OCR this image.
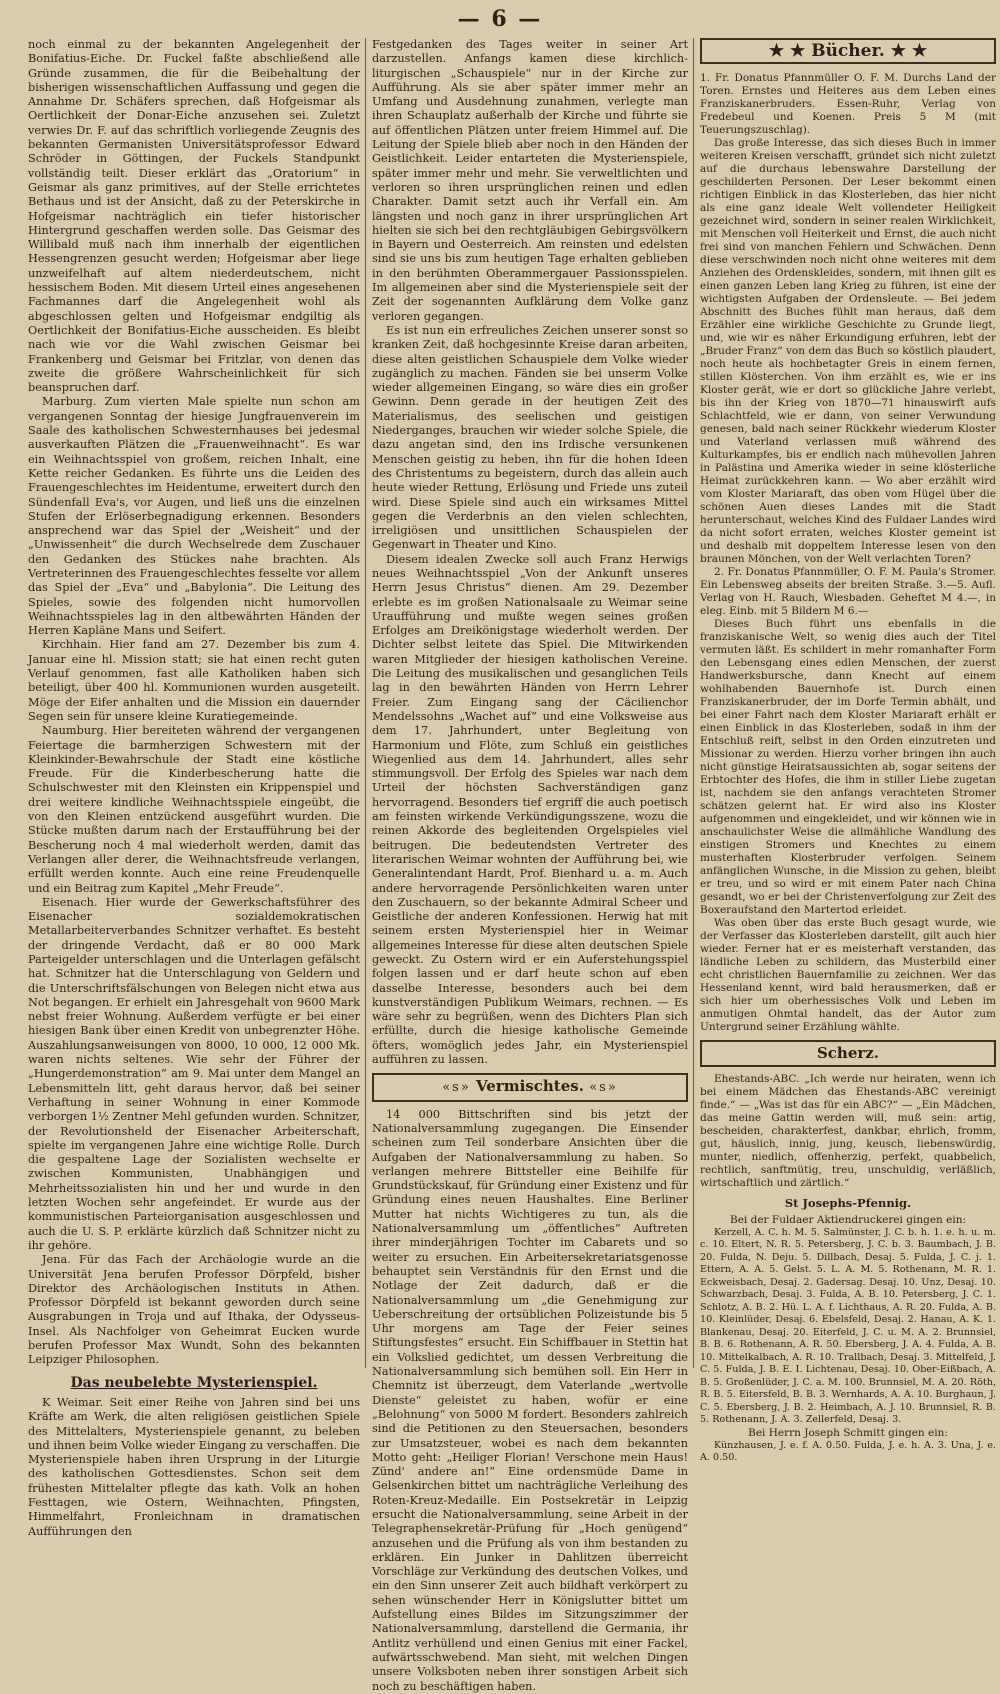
— 6 —

noch einmal zu der bekannten Angelegenheit der Bonifatius-Eiche. Dr. Fuckel faßte abschließend alle Gründe zusammen, die für die Beibehaltung der bisherigen wissenschaftlichen Auffassung und gegen die Annahme Dr. Schäfers sprechen, daß Hofgeismar als Oertlichkeit der Donar-Eiche anzusehen sei. Zuletzt verwies Dr. F. auf das schriftlich vorliegende Zeugnis des bekannten Germanisten Universitätsprofessor Edward Schröder in Göttingen, der Fuckels Standpunkt vollständig teilt. Dieser erklärt das „Oratorium“ in Geismar als ganz primitives, auf der Stelle errichtetes Bethaus und ist der Ansicht, daß zu der Peterskirche in Hofgeismar nachträglich ein tiefer historischer Hintergrund geschaffen werden solle. Das Geismar des Willibald muß nach ihm innerhalb der eigentlichen Hessengrenzen gesucht werden; Hofgeismar aber liege unzweifelhaft auf altem niederdeutschem, nicht hessischem Boden. Mit diesem Urteil eines angesehenen Fachmannes darf die Angelegenheit wohl als abgeschlossen gelten und Hofgeismar endgiltig als Oertlichkeit der Bonifatius-Eiche ausscheiden. Es bleibt nach wie vor die Wahl zwischen Geismar bei Frankenberg und Geismar bei Fritzlar, von denen das zweite die größere Wahrscheinlichkeit für sich beanspruchen darf.

Marburg. Zum vierten Male spielte nun schon am vergangenen Sonntag der hiesige Jungfrauenverein im Saale des katholischen Schwesternhauses bei jedesmal ausverkauften Plätzen die „Frauenweihnacht“. Es war ein Weihnachtsspiel von großem, reichen Inhalt, eine Kette reicher Gedanken. Es führte uns die Leiden des Frauengeschlechtes im Heidentume, erweitert durch den Sündenfall Eva's, vor Augen, und ließ uns die einzelnen Stufen der Erlöserbegnadigung erkennen. Besonders ansprechend war das Spiel der „Weisheit“ und der „Unwissenheit“ die durch Wechselrede dem Zuschauer den Gedanken des Stückes nahe brachten. Als Vertreterinnen des Frauengeschlechtes fesselte vor allem das Spiel der „Eva“ und „Babylonia“. Die Leitung des Spieles, sowie des folgenden nicht humorvollen Weihnachtsspieles lag in den altbewährten Händen der Herren Kapläne Mans und Seifert.

Kirchhain. Hier fand am 27. Dezember bis zum 4. Januar eine hl. Mission statt; sie hat einen recht guten Verlauf genommen, fast alle Katholiken haben sich beteiligt, über 400 hl. Kommunionen wurden ausgeteilt. Möge der Eifer anhalten und die Mission ein dauernder Segen sein für unsere kleine Kuratiegemeinde.

Naumburg. Hier bereiteten während der vergangenen Feiertage die barmherzigen Schwestern mit der Kleinkinder-Bewahrschule der Stadt eine köstliche Freude. Für die Kinderbescherung hatte die Schulschwester mit den Kleinsten ein Krippenspiel und drei weitere kindliche Weihnachtsspiele eingeübt, die von den Kleinen entzückend ausgeführt wurden. Die Stücke mußten darum nach der Erstaufführung bei der Bescherung noch 4 mal wiederholt werden, damit das Verlangen aller derer, die Weihnachtsfreude verlangen, erfüllt werden konnte. Auch eine reine Freudenquelle und ein Beitrag zum Kapitel „Mehr Freude“.

Eisenach. Hier wurde der Gewerkschaftsführer des Eisenacher sozialdemokratischen Metallarbeiterverbandes Schnitzer verhaftet. Es besteht der dringende Verdacht, daß er 80 000 Mark Parteigelder unterschlagen und die Unterlagen gefälscht hat. Schnitzer hat die Unterschlagung von Geldern und die Unterschriftsfälschungen von Belegen nicht etwa aus Not begangen. Er erhielt ein Jahresgehalt von 9600 Mark nebst freier Wohnung. Außerdem verfügte er bei einer hiesigen Bank über einen Kredit von unbegrenzter Höhe. Auszahlungsanweisungen von 8000, 10 000, 12 000 Mk. waren nichts seltenes. Wie sehr der Führer der „Hungerdemonstration“ am 9. Mai unter dem Mangel an Lebensmitteln litt, geht daraus hervor, daß bei seiner Verhaftung in seiner Wohnung in einer Kommode verborgen 1½ Zentner Mehl gefunden wurden. Schnitzer, der Revolutionsheld der Eisenacher Arbeiterschaft, spielte im vergangenen Jahre eine wichtige Rolle. Durch die gespaltene Lage der Sozialisten wechselte er zwischen Kommunisten, Unabhängigen und Mehrheitssozialisten hin und her und wurde in den letzten Wochen sehr angefeindet. Er wurde aus der kommunistischen Parteiorganisation ausgeschlossen und auch die U. S. P. erklärte kürzlich daß Schnitzer nicht zu ihr gehöre.

Jena. Für das Fach der Archäologie wurde an die Universität Jena berufen Professor Dörpfeld, bisher Direktor des Archäologischen Instituts in Athen. Professor Dörpfeld ist bekannt geworden durch seine Ausgrabungen in Troja und auf Ithaka, der Odysseus-Insel. Als Nachfolger von Geheimrat Eucken wurde berufen Professor Max Wundt, Sohn des bekannten Leipziger Philosophen.

Das neubelebte Mysterienspiel.

K Weimar. Seit einer Reihe von Jahren sind bei uns Kräfte am Werk, die alten religiösen geistlichen Spiele des Mittelalters, Mysterienspiele genannt, zu beleben und ihnen beim Volke wieder Eingang zu verschaffen. Die Mysterienspiele haben ihren Ursprung in der Liturgie des katholischen Gottesdienstes. Schon seit dem frühesten Mittelalter pflegte das kath. Volk an hohen Festtagen, wie Ostern, Weihnachten, Pfingsten, Himmelfahrt, Fronleichnam in dramatischen Aufführungen den

Festgedanken des Tages weiter in seiner Art darzustellen. Anfangs kamen diese kirchlich-liturgischen „Schauspiele“ nur in der Kirche zur Aufführung. Als sie aber später immer mehr an Umfang und Ausdehnung zunahmen, verlegte man ihren Schauplatz außerhalb der Kirche und führte sie auf öffentlichen Plätzen unter freiem Himmel auf. Die Leitung der Spiele blieb aber noch in den Händen der Geistlichkeit. Leider entarteten die Mysterienspiele, später immer mehr und mehr. Sie verweltlichten und verloren so ihren ursprünglichen reinen und edlen Charakter. Damit setzt auch ihr Verfall ein. Am längsten und noch ganz in ihrer ursprünglichen Art hielten sie sich bei den rechtgläubigen Gebirgsvölkern in Bayern und Oesterreich. Am reinsten und edelsten sind sie uns bis zum heutigen Tage erhalten geblieben in den berühmten Oberammergauer Passionsspielen. Im allgemeinen aber sind die Mysterienspiele seit der Zeit der sogenannten Aufklärung dem Volke ganz verloren gegangen.

Es ist nun ein erfreuliches Zeichen unserer sonst so kranken Zeit, daß hochgesinnte Kreise daran arbeiten, diese alten geistlichen Schauspiele dem Volke wieder zugänglich zu machen. Fänden sie bei unserm Volke wieder allgemeinen Eingang, so wäre dies ein großer Gewinn. Denn gerade in der heutigen Zeit des Materialismus, des seelischen und geistigen Niederganges, brauchen wir wieder solche Spiele, die dazu angetan sind, den ins Irdische versunkenen Menschen geistig zu heben, ihn für die hohen Ideen des Christentums zu begeistern, durch das allein auch heute wieder Rettung, Erlösung und Friede uns zuteil wird. Diese Spiele sind auch ein wirksames Mittel gegen die Verderbnis an den vielen schlechten, irreligiösen und unsittlichen Schauspielen der Gegenwart in Theater und Kino.

Diesem idealen Zwecke soll auch Franz Herwigs neues Weihnachtsspiel „Von der Ankunft unseres Herrn Jesus Christus“ dienen. Am 29. Dezember erlebte es im großen Nationalsaale zu Weimar seine Uraufführung und mußte wegen seines großen Erfolges am Dreikönigstage wiederholt werden. Der Dichter selbst leitete das Spiel. Die Mitwirkenden waren Mitglieder der hiesigen katholischen Vereine. Die Leitung des musikalischen und gesanglichen Teils lag in den bewährten Händen von Herrn Lehrer Freier. Zum Eingang sang der Cäcilienchor Mendelssohns „Wachet auf“ und eine Volksweise aus dem 17. Jahrhundert, unter Begleitung von Harmonium und Flöte, zum Schluß ein geistliches Wiegenlied aus dem 14. Jahrhundert, alles sehr stimmungsvoll. Der Erfolg des Spieles war nach dem Urteil der höchsten Sachverständigen ganz hervorragend. Besonders tief ergriff die auch poetisch am feinsten wirkende Verkündigungsszene, wozu die reinen Akkorde des begleitenden Orgelspieles viel beitrugen. Die bedeutendsten Vertreter des literarischen Weimar wohnten der Aufführung bei, wie Generalintendant Hardt, Prof. Bienhard u. a. m. Auch andere hervorragende Persönlichkeiten waren unter den Zuschauern, so der bekannte Admiral Scheer und Geistliche der anderen Konfessionen. Herwig hat mit seinem ersten Mysterienspiel hier in Weimar allgemeines Interesse für diese alten deutschen Spiele geweckt. Zu Ostern wird er ein Auferstehungsspiel folgen lassen und er darf heute schon auf eben dasselbe Interesse, besonders auch bei dem kunstverständigen Publikum Weimars, rechnen. — Es wäre sehr zu begrüßen, wenn des Dichters Plan sich erfüllte, durch die hiesige katholische Gemeinde öfters, womöglich jedes Jahr, ein Mysterienspiel aufführen zu lassen.

«s» Vermischtes. «s»

14 000 Bittschriften sind bis jetzt der Nationalversammlung zugegangen. Die Einsender scheinen zum Teil sonderbare Ansichten über die Aufgaben der Nationalversammlung zu haben. So verlangen mehrere Bittsteller eine Beihilfe für Grundstückskauf, für Gründung einer Existenz und für Gründung eines neuen Haushaltes. Eine Berliner Mutter hat nichts Wichtigeres zu tun, als die Nationalversammlung um „öffentliches“ Auftreten ihrer minderjährigen Tochter im Cabarets und so weiter zu ersuchen. Ein Arbeitersekretariatsgenosse behauptet sein Verständnis für den Ernst und die Notlage der Zeit dadurch, daß er die Nationalversammlung um „die Genehmigung zur Ueberschreitung der ortsüblichen Polizeistunde bis 5 Uhr morgens am Tage der Feier seines Stiftungsfestes“ ersucht. Ein Schiffbauer in Stettin hat ein Volkslied gedichtet, um dessen Verbreitung die Nationalversammlung sich bemühen soll. Ein Herr in Chemnitz ist überzeugt, dem Vaterlande „wertvolle Dienste“ geleistet zu haben, wofür er eine „Belohnung“ von 5000 M fordert. Besonders zahlreich sind die Petitionen zu den Steuersachen, besonders zur Umsatzsteuer, wobei es nach dem bekannten Motto geht: „Heiliger Florian! Verschone mein Haus! Zünd' andere an!“ Eine ordensmüde Dame in Gelsenkirchen bittet um nachträgliche Verleihung des Roten-Kreuz-Medaille. Ein Postsekretär in Leipzig ersucht die Nationalversammlung, seine Arbeit in der Telegraphensekretär-Prüfung für „Hoch genügend“ anzusehen und die Prüfung als von ihm bestanden zu erklären. Ein Junker in Dahlitzen überreicht Vorschläge zur Verkündung des deutschen Volkes, und ein den Sinn unserer Zeit auch bildhaft verkörpert zu sehen wünschender Herr in Königslutter bittet um Aufstellung eines Bildes im Sitzungszimmer der Nationalversammlung, darstellend die Germania, ihr Antlitz verhüllend und einen Genius mit einer Fackel, aufwärtsschwebend. Man sieht, mit welchen Dingen unsere Volksboten neben ihrer sonstigen Arbeit sich noch zu beschäftigen haben.

★ ★ Bücher. ★ ★

1. Fr. Donatus Pfannmüller O. F. M. Durchs Land der Toren. Ernstes und Heiteres aus dem Leben eines Franziskanerbruders. Essen-Ruhr, Verlag von Fredebeul und Koenen. Preis 5 M (mit Teuerungszuschlag).

Das große Interesse, das sich dieses Buch in immer weiteren Kreisen verschafft, gründet sich nicht zuletzt auf die durchaus lebenswahre Darstellung der geschilderten Personen. Der Leser bekommt einen richtigen Einblick in das Klosterleben, das hier nicht als eine ganz ideale Welt vollendeter Heiligkeit gezeichnet wird, sondern in seiner realen Wirklichkeit, mit Menschen voll Heiterkeit und Ernst, die auch nicht frei sind von manchen Fehlern und Schwächen. Denn diese verschwinden noch nicht ohne weiteres mit dem Anziehen des Ordenskleides, sondern, mit ihnen gilt es einen ganzen Leben lang Krieg zu führen, ist eine der wichtigsten Aufgaben der Ordensleute. — Bei jedem Abschnitt des Buches fühlt man heraus, daß dem Erzähler eine wirkliche Geschichte zu Grunde liegt, und, wie wir es näher Erkundigung erfuhren, lebt der „Bruder Franz“ von dem das Buch so köstlich plaudert, noch heute als hochbetagter Greis in einem fernen, stillen Klösterchen. Von ihm erzählt es, wie er ins Kloster gerät, wie er dort so glückliche Jahre verlebt, bis ihn der Krieg von 1870—71 hinauswirft aufs Schlachtfeld, wie er dann, von seiner Verwundung genesen, bald nach seiner Rückkehr wiederum Kloster und Vaterland verlassen muß während des Kulturkampfes, bis er endlich nach mühevollen Jahren in Palästina und Amerika wieder in seine klösterliche Heimat zurückkehren kann. — Wo aber erzählt wird vom Kloster Mariaraft, das oben vom Hügel über die schönen Auen dieses Landes mit die Stadt herunterschaut, welches Kind des Fuldaer Landes wird da nicht sofort erraten, welches Kloster gemeint ist und deshalb mit doppeltem Interesse lesen von den braunen Mönchen, von der Welt verlachten Toren?

2. Fr. Donatus Pfannmüller, O. F. M. Paula's Stromer. Ein Lebensweg abseits der breiten Straße. 3.—5. Aufl. Verlag von H. Rauch, Wiesbaden. Geheftet M 4.—, in eleg. Einb. mit 5 Bildern M 6.—

Dieses Buch führt uns ebenfalls in die franziskanische Welt, so wenig dies auch der Titel vermuten läßt. Es schildert in mehr romanhafter Form den Lebensgang eines edlen Menschen, der zuerst Handwerksbursche, dann Knecht auf einem wohlhabenden Bauernhofe ist. Durch einen Franziskanerbruder, der im Dorfe Termin abhält, und bei einer Fahrt nach dem Kloster Mariaraft erhält er einen Einblick in das Klosterleben, sodaß in ihm der Entschluß reift, selbst in den Orden einzutreten und Missionar zu werden. Hierzu vorher bringen ihn auch nicht günstige Heiratsaussichten ab, sogar seitens der Erbtochter des Hofes, die ihm in stiller Liebe zugetan ist, nachdem sie den anfangs verachteten Stromer schätzen gelernt hat. Er wird also ins Kloster aufgenommen und eingekleidet, und wir können wie in anschaulichster Weise die allmähliche Wandlung des einstigen Stromers und Knechtes zu einem musterhaften Klosterbruder verfolgen. Seinem anfänglichen Wunsche, in die Mission zu gehen, bleibt er treu, und so wird er mit einem Pater nach China gesandt, wo er bei der Christenverfolgung zur Zeit des Boxeraufstand den Martertod erleidet.

Was oben über das erste Buch gesagt wurde, wie der Verfasser das Klosterleben darstellt, gilt auch hier wieder. Ferner hat er es meisterhaft verstanden, das ländliche Leben zu schildern, das Musterbild einer echt christlichen Bauernfamilie zu zeichnen. Wer das Hessenland kennt, wird bald herausmerken, daß er sich hier um oberhessisches Volk und Leben im anmutigen Ohmtal handelt, das der Autor zum Untergrund seiner Erzählung wählte.

Scherz.

Ehestands-ABC. „Ich werde nur heiraten, wenn ich bei einem Mädchen das Ehestands-ABC vereinigt finde.“ — „Was ist das für ein ABC?“ — „Ein Mädchen, das meine Gattin werden will, muß sein: artig, bescheiden, charakterfest, dankbar, ehrlich, fromm, gut, häuslich, innig, jung, keusch, liebenswürdig, munter, niedlich, offenherzig, perfekt, quabbelich, rechtlich, sanftmütig, treu, unschuldig, verläßlich, wirtschaftlich und zärtlich.“

St Josephs-Pfennig.

Bei der Fuldaer Aktiendruckerei gingen ein:

Kerzell, A. C. h. M. 5. Salmünster, J. C. b. h. 1. e. h. u. m. c. 10. Eltert, N. R. 5. Petersberg, J. C. b. 3. Baumbach, J. B. 20. Fulda, N. Deju. 5. Dillbach, Desaj. 5. Fulda, J. C. j. 1. Ettern, A. A. 5. Gelst. 5. L. A. M. 5. Rothenann, M. R. 1. Eckweisbach, Desaj. 2. Gadersag. Desaj. 10. Unz, Desaj. 10. Schwarzbach, Desaj. 3. Fulda, A. B. 10. Petersberg, J. C. 1. Schlotz, A. B. 2. Hü. L. A. f. Lichthaus, A. R. 20. Fulda, A. B. 10. Kleinlüder, Desaj. 6. Ebelsfeld, Desaj. 2. Hanau, A. K. 1. Blankenau, Desaj. 20. Eiterfeld, J. C. u. M. A. 2. Brunnsiel, B. B. 6. Rothenann, A. R. 50. Ebersberg, J. A. 4. Fulda, A. B. 10. Mittelkalbach, A. R. 10. Trallbach, Desaj. 3. Mittelfeld, J. C. 5. Fulda, J. B. E. I. Lichtenau, Desaj. 10. Ober-Eißbach, A. B. 5. Großenlüder, J. C. a. M. 100. Brunnsiel, M. A. 20. Röth, R. B. 5. Eitersfeld, B. B. 3. Wernhards, A. A. 10. Burghaun, J. C. 5. Ebersberg, J. B. 2. Heimbach, A. J. 10. Brunnsiel, R. B. 5. Rothenann, J. A. 3. Zellerfeld, Desaj. 3.

Bei Herrn Joseph Schmitt gingen ein:

Künzhausen, J. e. f. A. 0.50. Fulda, J. e. h. A. 3. Una, J. e. A. 0.50.
